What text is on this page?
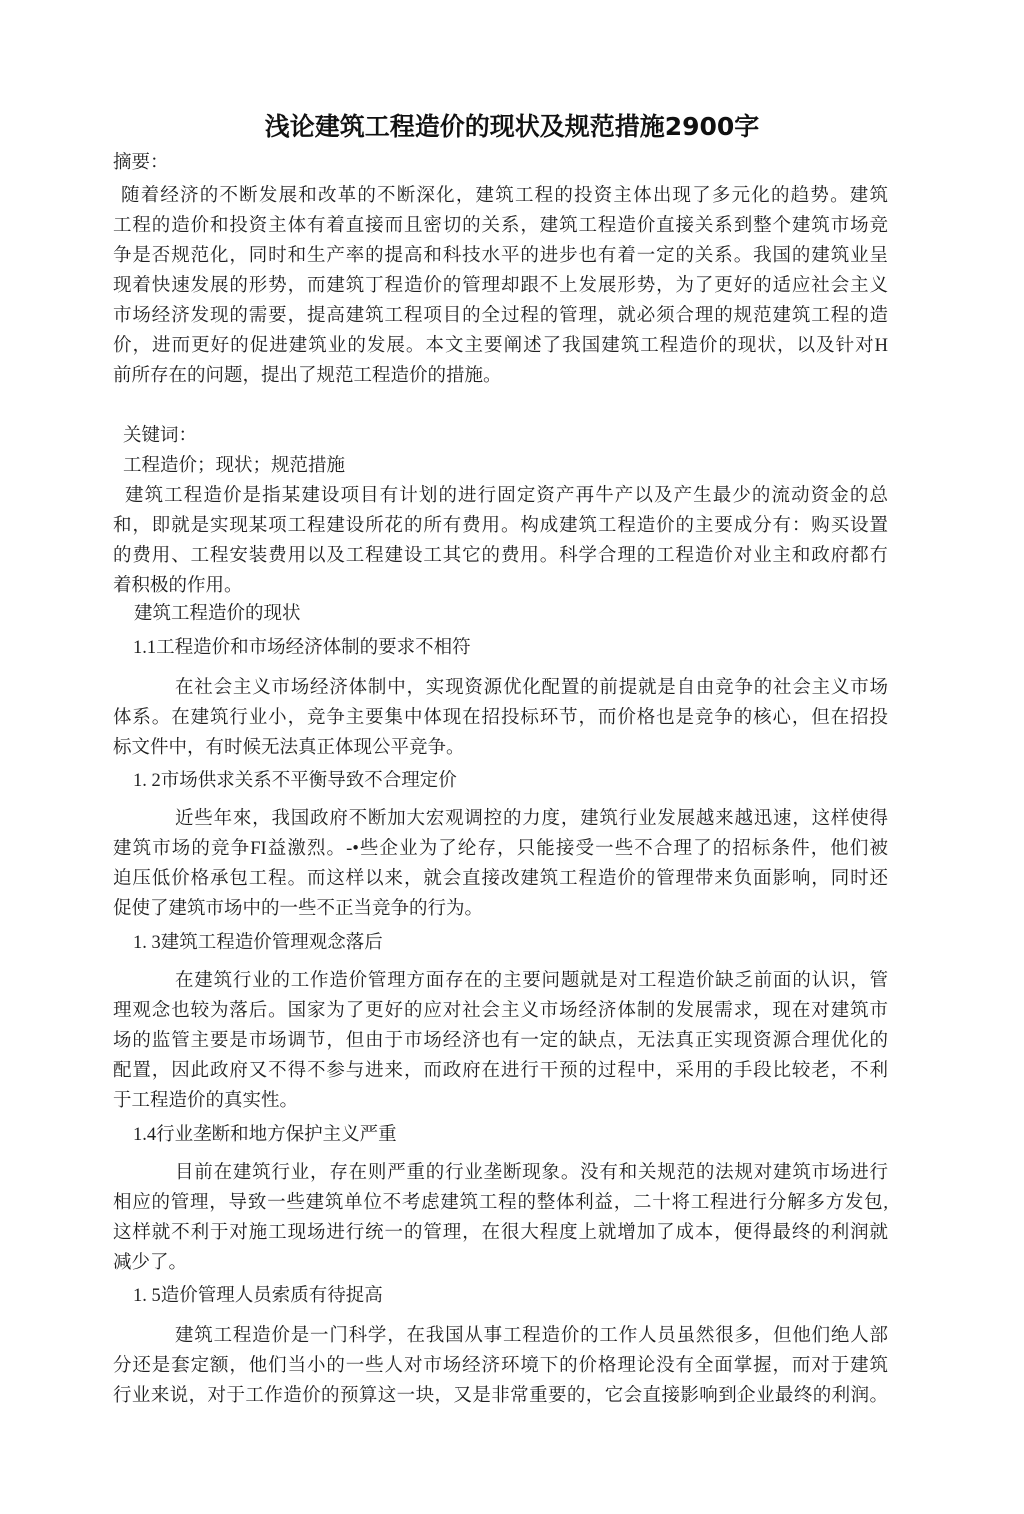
浅论建筑工程造价的现状及规范措施2900字
摘要：
随着经济的不断发展和改革的不断深化，建筑工程的投资主体出现了多元化的趋势。建筑
工程的造价和投资主体有着直接而且密切的关系，建筑工程造价直接关系到整个建筑市场竞
争是否规范化，同时和生产率的提高和科技水平的进步也有着一定的关系。我国的建筑业呈
现着快速发展的形势，而建筑丁程造价的管理却跟不上发展形势，为了更好的适应社会主义
市场经济发现的需要，提高建筑工程项目的全过程的管理，就必须合理的规范建筑工程的造
价，进而更好的促进建筑业的发展。本文主要阐述了我国建筑工程造价的现状，以及针对H
前所存在的问题，提出了规范工程造价的措施。
关键词：
工程造价；现状；规范措施
建筑工程造价是指某建设项目有计划的进行固定资产再牛产以及产生最少的流动资金的总
和，即就是实现某项工程建设所花的所有费用。构成建筑工程造价的主要成分有：购买设置
的费用、工程安装费用以及工程建设工其它的费用。科学合理的工程造价对业主和政府都冇
着积极的作用。
建筑工程造价的现状
1.1工程造价和市场经济体制的要求不相符
在社会主义市场经济体制中，实现资源优化配置的前提就是自由竞争的社会主义市场
体系。在建筑行业小，竞争主要集中体现在招投标环节，而价格也是竞争的核心，但在招投
标文件中，有时候无法真正体现公平竞争。
1. 2市场供求关系不平衡导致不合理定价
近些年來，我国政府不断加大宏观调控的力度，建筑行业发展越来越迅速，这样使得
建筑市场的竞争FI益激烈。-•些企业为了纶存，只能接受一些不合理了的招标条件，他们被
迫压低价格承包工程。而这样以来，就会直接改建筑工程造价的管理带来负面影响，同时还
促使了建筑市场中的一些不正当竞争的行为。
1. 3建筑工程造价管理观念落后
在建筑行业的工作造价管理方面存在的主要问题就是对工程造价缺乏前面的认识，管
理观念也较为落后。国家为了更好的应对社会主义市场经济体制的发展需求，现在对建筑市
场的监管主要是市场调节，但由于市场经济也有一定的缺点，无法真正实现资源合理优化的
配置，因此政府又不得不参与进来，而政府在进行干预的过程中，采用的手段比较老，不利
于工程造价的真实性。
1.4行业垄断和地方保护主义严重
目前在建筑行业，存在则严重的行业垄断现象。没有和关规范的法规对建筑市场进行
相应的管理，导致一些建筑单位不考虑建筑工程的整体利益，二十将工程进行分解多方发包,
这样就不利于对施工现场进行统一的管理，在很大程度上就增加了成本，便得最终的利润就
减少了。
1. 5造价管理人员索质有待捉高
建筑工程造价是一门科学，在我国从事工程造价的工作人员虽然很多，但他们绝人部
分还是套定额，他们当小的一些人对市场经济环境下的价格理论没有全面掌握，而对于建筑
行业来说，对于工作造价的预算这一块，又是非常重要的，它会直接影响到企业最终的利润。
